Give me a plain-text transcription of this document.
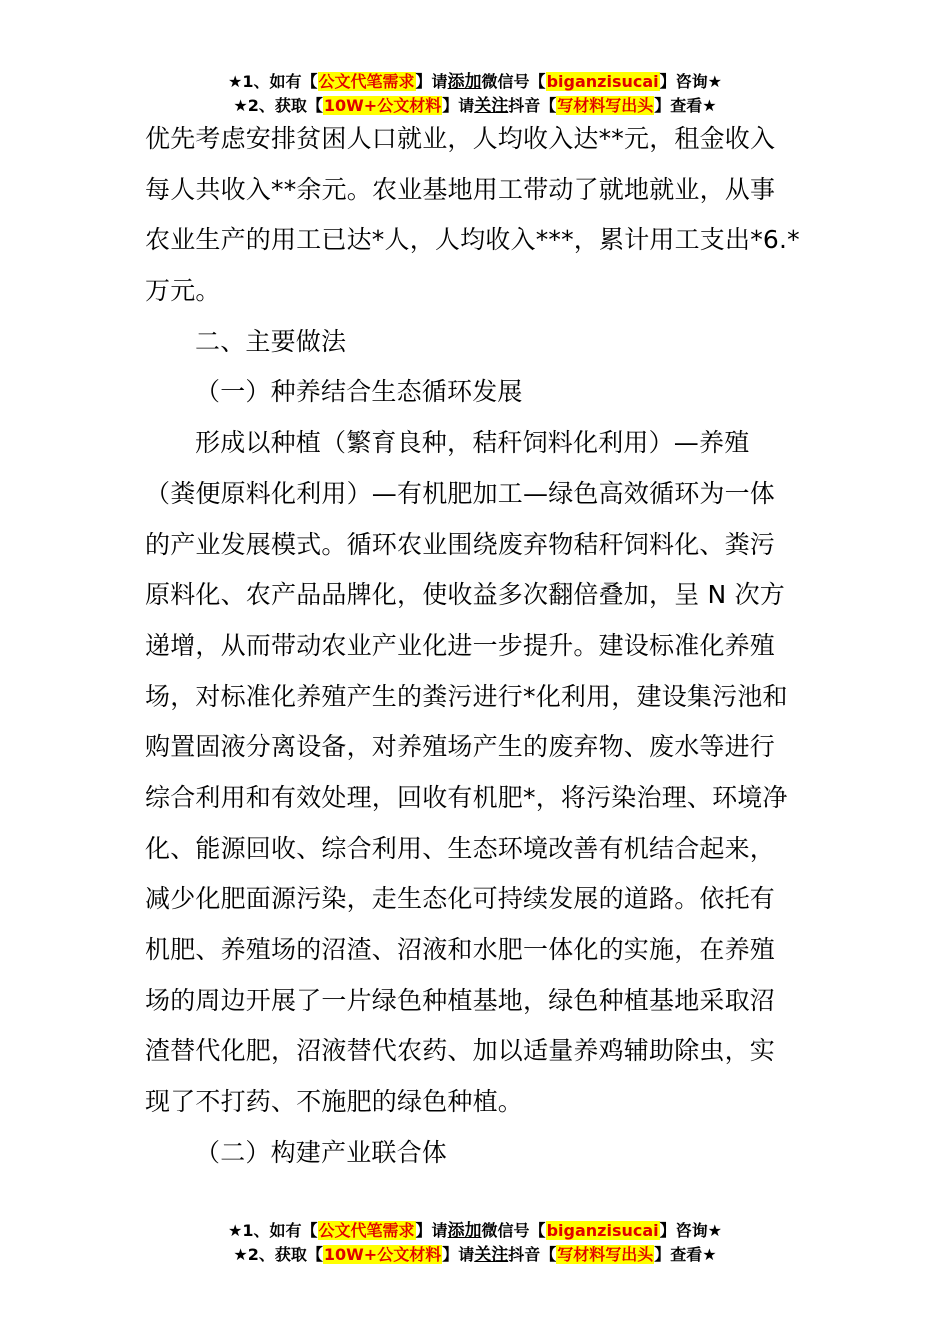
★1、如有【公文代笔需求】请添加微信号【biganzisucai】咨询★
★2、获取【10W+公文材料】请关注抖音【写材料写出头】查看★
优先考虑安排贫困人口就业，人均收入达**元，租金收入
每人共收入**余元。农业基地用工带动了就地就业，从事
农业生产的用工已达*人，人均收入***，累计用工支出*6.*
万元。
二、主要做法
（一）种养结合生态循环发展
形成以种植（繁育良种，秸秆饲料化利用）—养殖
（粪便原料化利用）—有机肥加工—绿色高效循环为一体
的产业发展模式。循环农业围绕废弃物秸秆饲料化、粪污
原料化、农产品品牌化，使收益多次翻倍叠加，呈 N 次方
递增，从而带动农业产业化进一步提升。建设标准化养殖
场，对标准化养殖产生的粪污进行*化利用，建设集污池和
购置固液分离设备，对养殖场产生的废弃物、废水等进行
综合利用和有效处理，回收有机肥*，将污染治理、环境净
化、能源回收、综合利用、生态环境改善有机结合起来，
减少化肥面源污染，走生态化可持续发展的道路。依托有
机肥、养殖场的沼渣、沼液和水肥一体化的实施，在养殖
场的周边开展了一片绿色种植基地，绿色种植基地采取沼
渣替代化肥，沼液替代农药、加以适量养鸡辅助除虫，实
现了不打药、不施肥的绿色种植。
（二）构建产业联合体
★1、如有【公文代笔需求】请添加微信号【biganzisucai】咨询★
★2、获取【10W+公文材料】请关注抖音【写材料写出头】查看★
